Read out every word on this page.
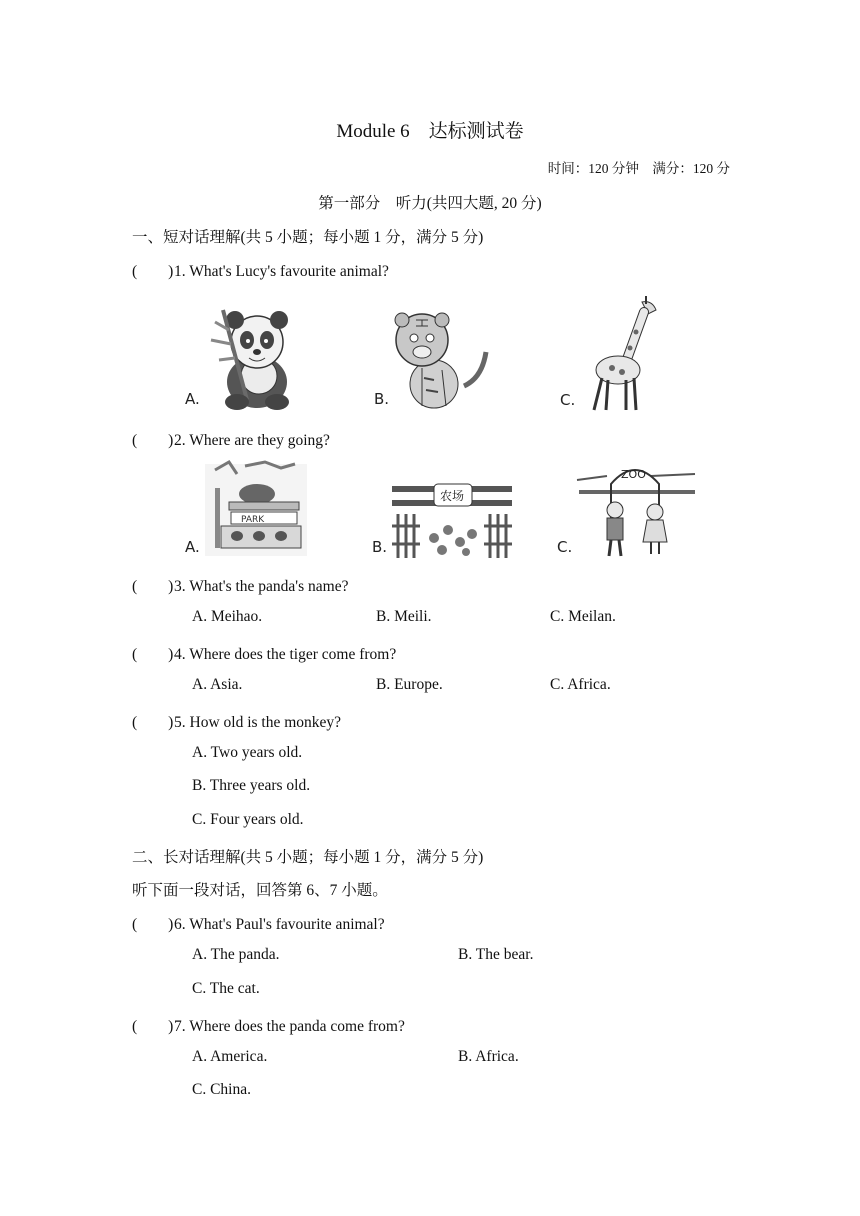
Module 6　达标测试卷
时间：120 分钟　满分：120 分
第一部分　听力(共四大题, 20 分)
一、短对话理解(共 5 小题；每小题 1 分，满分 5 分)
(　　)1. What's Lucy's favourite animal?
A.	B.	C.
(　　)2. Where are they going?
PARK
A.
农场
B.
ZOO
C.
(　　)3. What's the panda's name?
A. Meihao.	B. Meili.	C. Meilan.
(　　)4. Where does the tiger come from?
A. Asia.	B. Europe.	C. Africa.
(　　)5. How old is the monkey?
A. Two years old.
B. Three years old.
C. Four years old.
二、长对话理解(共 5 小题；每小题 1 分，满分 5 分)
听下面一段对话，回答第 6、7 小题。
(　　)6. What's Paul's favourite animal?
A. The panda.	B. The bear.
C. The cat.
(　　)7. Where does the panda come from?
A. America.	B. Africa.
C. China.
